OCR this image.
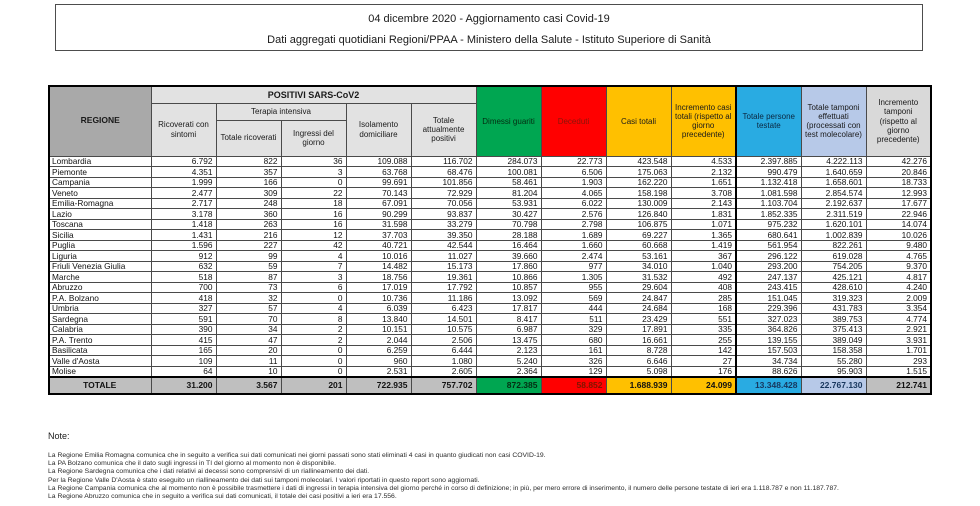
04 dicembre 2020 - Aggiornamento casi Covid-19
Dati aggregati quotidiani Regioni/PPAA - Ministero della Salute - Istituto Superiore di Sanità
REGIONE	POSITIVI SARS-CoV2					Dimessi guariti	Deceduti	Casi totali	Incremento casi totali (rispetto al giorno precedente)	Totale persone testate	Totale tamponi effettuati (processati con test molecolare)	Incremento tamponi (rispetto al giorno precedente)
	Ricoverati con sintomi	Terapia intensiva		Isolamento domiciliare	Totale attualmente positivi							
		Totale ricoverati	Ingressi del giorno									
Lombardia	6.792	822	36	109.088	116.702	284.073	22.773	423.548	4.533	2.397.885	4.222.113	42.276
Piemonte	4.351	357	3	63.768	68.476	100.081	6.506	175.063	2.132	990.479	1.640.659	20.846
Campania	1.999	166	0	99.691	101.856	58.461	1.903	162.220	1.651	1.132.418	1.658.601	18.733
Veneto	2.477	309	22	70.143	72.929	81.204	4.065	158.198	3.708	1.081.598	2.854.574	12.993
Emilia-Romagna	2.717	248	18	67.091	70.056	53.931	6.022	130.009	2.143	1.103.704	2.192.637	17.677
Lazio	3.178	360	16	90.299	93.837	30.427	2.576	126.840	1.831	1.852.335	2.311.519	22.946
Toscana	1.418	263	16	31.598	33.279	70.798	2.798	106.875	1.071	975.232	1.620.101	14.074
Sicilia	1.431	216	12	37.703	39.350	28.188	1.689	69.227	1.365	680.641	1.002.839	10.026
Puglia	1.596	227	42	40.721	42.544	16.464	1.660	60.668	1.419	561.954	822.261	9.480
Liguria	912	99	4	10.016	11.027	39.660	2.474	53.161	367	296.122	619.028	4.765
Friuli Venezia Giulia	632	59	7	14.482	15.173	17.860	977	34.010	1.040	293.200	754.205	9.370
Marche	518	87	3	18.756	19.361	10.866	1.305	31.532	492	247.137	425.121	4.817
Abruzzo	700	73	6	17.019	17.792	10.857	955	29.604	408	243.415	428.610	4.240
P.A. Bolzano	418	32	0	10.736	11.186	13.092	569	24.847	285	151.045	319.323	2.009
Umbria	327	57	4	6.039	6.423	17.817	444	24.684	168	229.396	431.783	3.354
Sardegna	591	70	8	13.840	14.501	8.417	511	23.429	551	327.023	389.753	4.774
Calabria	390	34	2	10.151	10.575	6.987	329	17.891	335	364.826	375.413	2.921
P.A. Trento	415	47	2	2.044	2.506	13.475	680	16.661	255	139.155	389.049	3.931
Basilicata	165	20	0	6.259	6.444	2.123	161	8.728	142	157.503	158.358	1.701
Valle d'Aosta	109	11	0	960	1.080	5.240	326	6.646	27	34.734	55.280	293
Molise	64	10	0	2.531	2.605	2.364	129	5.098	176	88.626	95.903	1.515
TOTALE	31.200	3.567	201	722.935	757.702	872.385	58.852	1.688.939	24.099	13.348.428	22.767.130	212.741
Note:
La Regione Emilia Romagna comunica che in seguito a verifica sui dati comunicati nei giorni passati sono stati eliminati 4 casi in quanto giudicati non casi COVID-19.
La PA Bolzano comunica che il dato sugli ingressi in TI del giorno al momento non è disponibile.
La Regione Sardegna comunica che i dati relativi ai decessi sono comprensivi di un riallineamento dei dati.
Per la Regione Valle D'Aosta è stato eseguito un riallineamento dei dati sui tamponi molecolari. I valori riportati in questo report sono aggiornati.
La Regione Campania comunica che al momento non è possibile trasmettere i dati di ingressi in terapia intensiva del giorno perché in corso di definizione; in più, per mero errore di inserimento, il numero delle persone testate di ieri era 1.118.787 e non 11.187.787.
La Regione Abruzzo comunica che in seguito a verifica sui dati comunicati, il totale dei casi positivi a ieri era 17.556.
